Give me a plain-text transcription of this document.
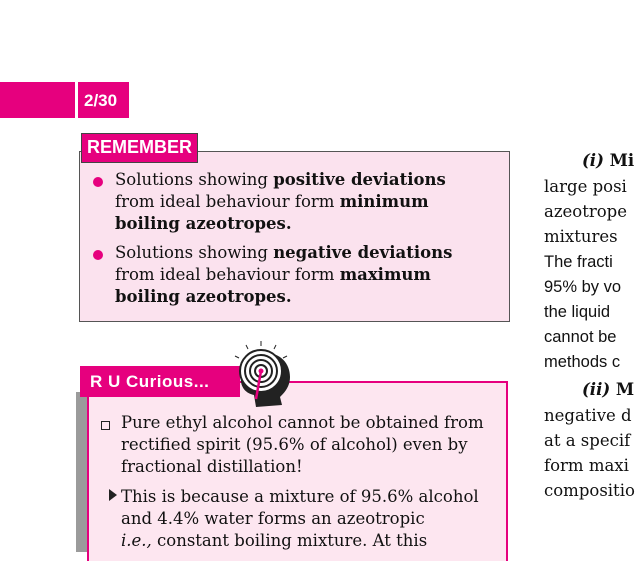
2/30
REMEMBER
Solutions showing positive deviations
from ideal behaviour form minimum
boiling azeotropes.
Solutions showing negative deviations
from ideal behaviour form maximum
boiling azeotropes.
R U Curious...
Pure ethyl alcohol cannot be obtained from
rectified spirit (95.6% of alcohol) even by
fractional distillation!
This is because a mixture of 95.6% alcohol
and 4.4% water forms an azeotropic
i.e., constant boiling mixture. At this
(i) Mi
large posi
azeotrope
mixtures
The fracti
95% by vo
the liquid
cannot be
methods c
(ii) M
negative d
at a specif
form maxi
compositio
